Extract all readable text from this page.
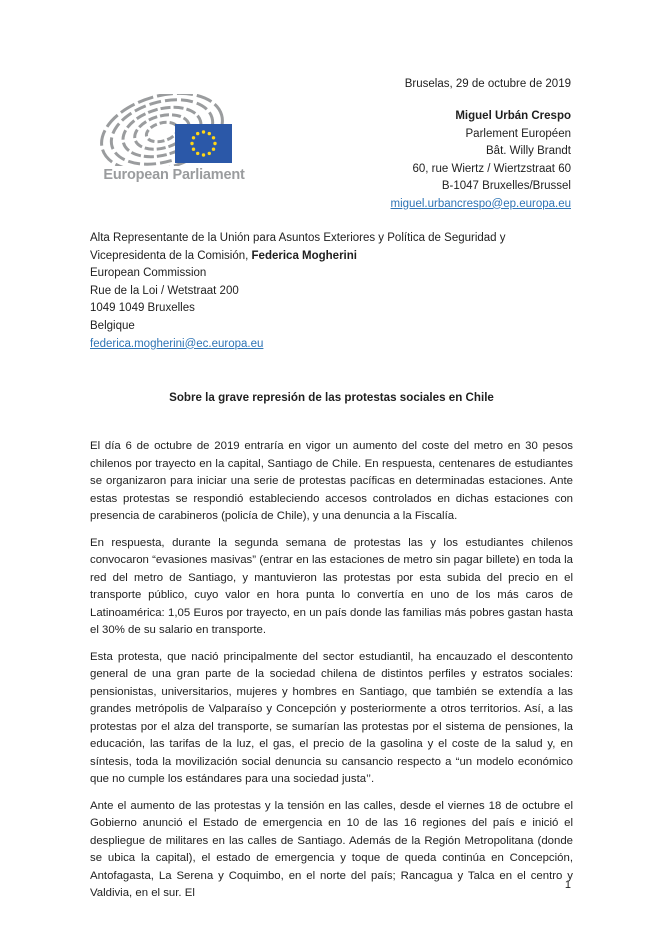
European Parliament
Bruselas, 29 de octubre de 2019
Miguel Urbán Crespo
Parlement Européen
Bât. Willy Brandt
60, rue Wiertz / Wiertzstraat 60
B-1047 Bruxelles/Brussel
miguel.urbancrespo@ep.europa.eu
Alta Representante de la Unión para Asuntos Exteriores y Política de Seguridad y
Vicepresidenta de la Comisión, Federica Mogherini
European Commission
Rue de la Loi / Wetstraat 200
1049 1049 Bruxelles
Belgique
federica.mogherini@ec.europa.eu
Sobre la grave represión de las protestas sociales en Chile

El día 6 de octubre de 2019 entraría en vigor un aumento del coste del metro en 30 pesos chilenos por trayecto en la capital, Santiago de Chile. En respuesta, centenares de estudiantes se organizaron para iniciar una serie de protestas pacíficas en determinadas estaciones. Ante estas protestas se respondió estableciendo accesos controlados en dichas estaciones con presencia de carabineros (policía de Chile), y una denuncia a la Fiscalía.

En respuesta, durante la segunda semana de protestas las y los estudiantes chilenos convocaron “evasiones masivas” (entrar en las estaciones de metro sin pagar billete) en toda la red del metro de Santiago, y mantuvieron las protestas por esta subida del precio en el transporte público, cuyo valor en hora punta lo convertía en uno de los más caros de Latinoamérica: 1,05 Euros por trayecto, en un país donde las familias más pobres gastan hasta el 30% de su salario en transporte.

Esta protesta, que nació principalmente del sector estudiantil, ha encauzado el descontento general de una gran parte de la sociedad chilena de distintos perfiles y estratos sociales: pensionistas, universitarios, mujeres y hombres en Santiago, que también se extendía a las grandes metrópolis de Valparaíso y Concepción y posteriormente a otros territorios. Así, a las protestas por el alza del transporte, se sumarían las protestas por el sistema de pensiones, la educación, las tarifas de la luz, el gas, el precio de la gasolina y el coste de la salud y, en síntesis, toda la movilización social denuncia su cansancio respecto a “un modelo económico que no cumple los estándares para una sociedad justa’’.

Ante el aumento de las protestas y la tensión en las calles, desde el viernes 18 de octubre el Gobierno anunció el Estado de emergencia en 10 de las 16 regiones del país e inició el despliegue de militares en las calles de Santiago. Además de la Región Metropolitana (donde se ubica la capital), el estado de emergencia y toque de queda continúa en Concepción, Antofagasta, La Serena y Coquimbo, en el norte del país; Rancagua y Talca en el centro y Valdivia, en el sur. El

1
